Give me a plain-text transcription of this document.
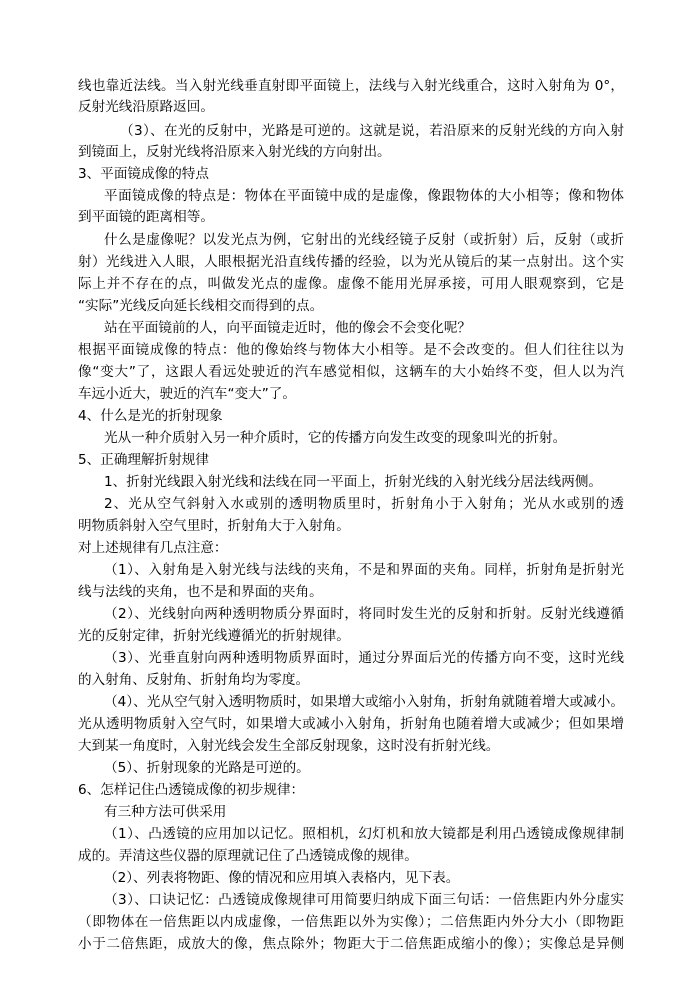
线也靠近法线。当入射光线垂直射即平面镜上，法线与入射光线重合，这时入射角为 0°，
反射光线沿原路返回。
（3）、在光的反射中，光路是可逆的。这就是说，若沿原来的反射光线的方向入射
到镜面上，反射光线将沿原来入射光线的方向射出。
3、平面镜成像的特点
平面镜成像的特点是：物体在平面镜中成的是虚像，像跟物体的大小相等；像和物体
到平面镜的距离相等。
什么是虚像呢？以发光点为例，它射出的光线经镜子反射（或折射）后，反射（或折
射）光线进入人眼，人眼根据光沿直线传播的经验，以为光从镜后的某一点射出。这个实
际上并不存在的点，叫做发光点的虚像。虚像不能用光屏承接，可用人眼观察到，它是
“实际”光线反向延长线相交而得到的点。
站在平面镜前的人，向平面镜走近时，他的像会不会变化呢？
根据平面镜成像的特点：他的像始终与物体大小相等。是不会改变的。但人们往往以为
像“变大”了，这跟人看远处驶近的汽车感觉相似，这辆车的大小始终不变，但人以为汽
车远小近大，驶近的汽车“变大”了。
4、什么是光的折射现象
光从一种介质射入另一种介质时，它的传播方向发生改变的现象叫光的折射。
5、正确理解折射规律
1、折射光线跟入射光线和法线在同一平面上，折射光线的入射光线分居法线两侧。
2、光从空气斜射入水或别的透明物质里时，折射角小于入射角；光从水或别的透
明物质斜射入空气里时，折射角大于入射角。
对上述规律有几点注意：
（1）、入射角是入射光线与法线的夹角，不是和界面的夹角。同样，折射角是折射光
线与法线的夹角，也不是和界面的夹角。
（2）、光线射向两种透明物质分界面时，将同时发生光的反射和折射。反射光线遵循
光的反射定律，折射光线遵循光的折射规律。
（3）、光垂直射向两种透明物质界面时，通过分界面后光的传播方向不变，这时光线
的入射角、反射角、折射角均为零度。
（4）、光从空气射入透明物质时，如果增大或缩小入射角，折射角就随着增大或减小。
光从透明物质射入空气时，如果增大或减小入射角，折射角也随着增大或减少；但如果增
大到某一角度时，入射光线会发生全部反射现象，这时没有折射光线。
（5）、折射现象的光路是可逆的。
6、怎样记住凸透镜成像的初步规律：
有三种方法可供采用
（1）、凸透镜的应用加以记忆。照相机，幻灯机和放大镜都是利用凸透镜成像规律制
成的。弄清这些仪器的原理就记住了凸透镜成像的规律。
（2）、列表将物距、像的情况和应用填入表格内，见下表。
（3）、口诀记忆：凸透镜成像规律可用简要归纳成下面三句话：一倍焦距内外分虚实
（即物体在一倍焦距以内成虚像，一倍焦距以外为实像）；二倍焦距内外分大小（即物距
小于二倍焦距，成放大的像，焦点除外；物距大于二倍焦距成缩小的像）；实像总是异侧
